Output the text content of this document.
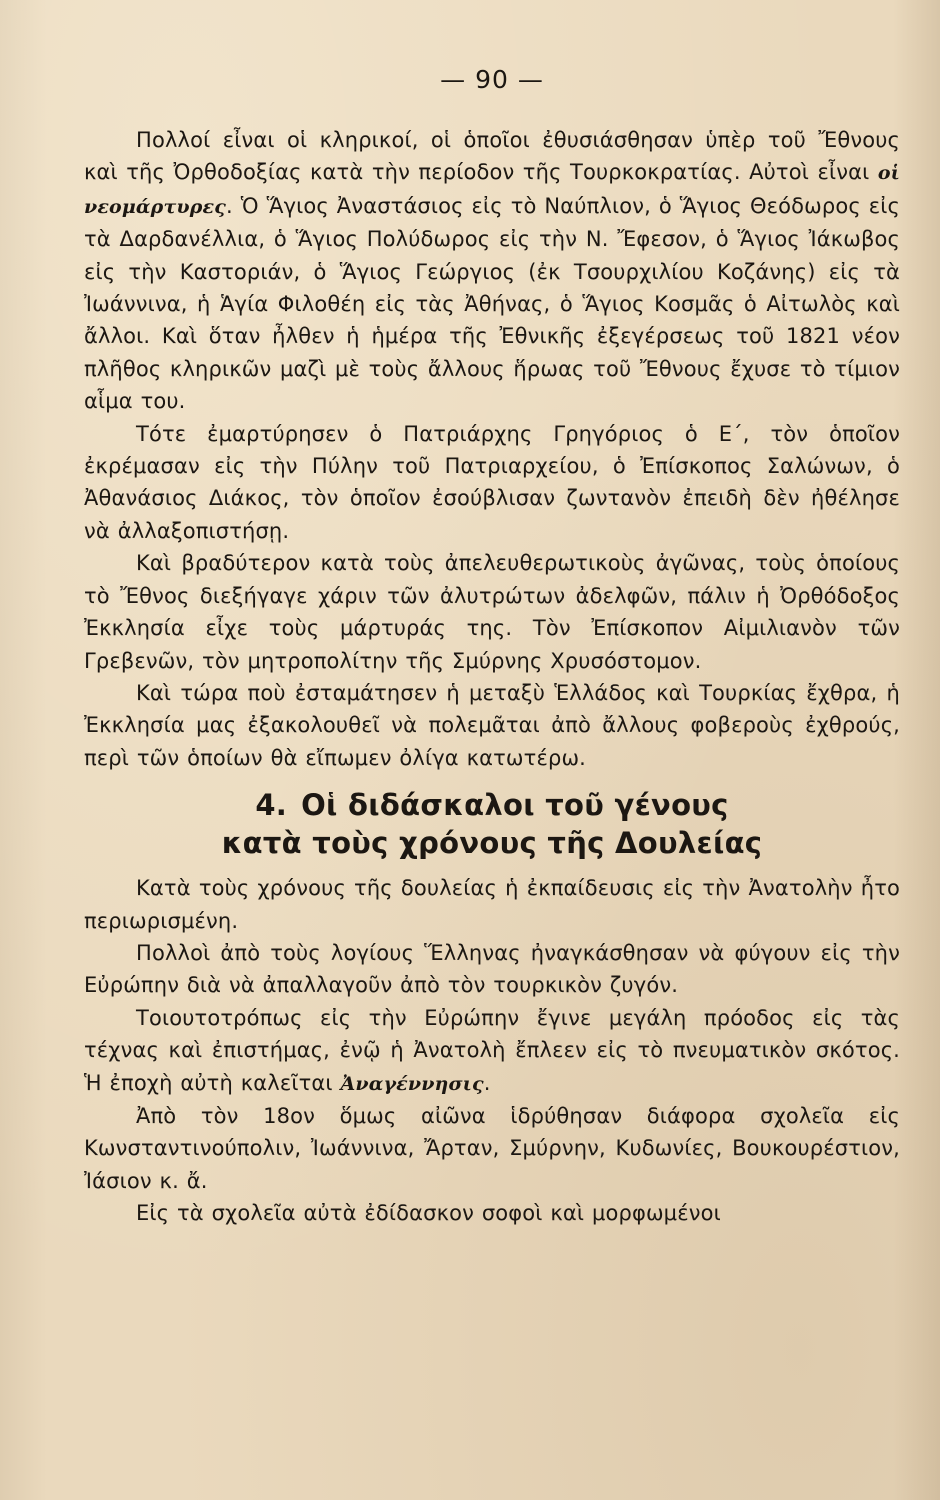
— 90 —

Πολλοί εἶναι οἱ κληρικοί, οἱ ὁποῖοι ἐθυσιάσθησαν ὑπὲρ τοῦ Ἔθνους καὶ τῆς Ὀρθοδοξίας κατὰ τὴν περίοδον τῆς Τουρκοκρατίας. Αὐτοὶ εἶναι οἱ νεομάρτυρες. Ὁ Ἅγιος Ἀναστάσιος εἰς τὸ Ναύπλιον, ὁ Ἅγιος Θεόδωρος εἰς τὰ Δαρδανέλλια, ὁ Ἅγιος Πολύδωρος εἰς τὴν Ν. Ἔφεσον, ὁ Ἅγιος Ἰάκωβος εἰς τὴν Καστοριάν, ὁ Ἅγιος Γεώργιος (ἐκ Τσουρχιλίου Κοζάνης) εἰς τὰ Ἰωάννινα, ἡ Ἁγία Φιλοθέη εἰς τὰς Ἀθήνας, ὁ Ἅγιος Κοσμᾶς ὁ Αἰτωλὸς καὶ ἄλλοι. Καὶ ὅταν ἦλθεν ἡ ἡμέρα τῆς Ἐθνικῆς ἐξεγέρσεως τοῦ 1821 νέον πλῆθος κληρικῶν μαζὶ μὲ τοὺς ἄλλους ἥρωας τοῦ Ἔθνους ἔχυσε τὸ τίμιον αἷμα του.

Τότε ἐμαρτύρησεν ὁ Πατριάρχης Γρηγόριος ὁ Ε΄, τὸν ὁποῖον ἐκρέμασαν εἰς τὴν Πύλην τοῦ Πατριαρχείου, ὁ Ἐπίσκοπος Σαλώνων, ὁ Ἀθανάσιος Διάκος, τὸν ὁποῖον ἐσούβλισαν ζωντανὸν ἐπειδὴ δὲν ἠθέλησε νὰ ἀλλαξοπιστήσῃ.

Καὶ βραδύτερον κατὰ τοὺς ἀπελευθερωτικοὺς ἀγῶνας, τοὺς ὁποίους τὸ Ἔθνος διεξήγαγε χάριν τῶν ἀλυτρώτων ἀδελφῶν, πάλιν ἡ Ὀρθόδοξος Ἐκκλησία εἶχε τοὺς μάρτυράς της. Τὸν Ἐπίσκοπον Αἰμιλιανὸν τῶν Γρεβενῶν, τὸν μητροπολίτην τῆς Σμύρνης Χρυσόστομον.

Καὶ τώρα ποὺ ἐσταμάτησεν ἡ μεταξὺ Ἑλλάδος καὶ Τουρκίας ἔχθρα, ἡ Ἐκκλησία μας ἐξακολουθεῖ νὰ πολεμᾶται ἀπὸ ἄλλους φοβεροὺς ἐχθρούς, περὶ τῶν ὁποίων θὰ εἴπωμεν ὀλίγα κατωτέρω.

4. Οἱ διδάσκαλοι τοῦ γένους
κατὰ τοὺς χρόνους τῆς Δουλείας

Κατὰ τοὺς χρόνους τῆς δουλείας ἡ ἐκπαίδευσις εἰς τὴν Ἀνατολὴν ἦτο περιωρισμένη.

Πολλοὶ ἀπὸ τοὺς λογίους Ἕλληνας ἠναγκάσθησαν νὰ φύγουν εἰς τὴν Εὐρώπην διὰ νὰ ἀπαλλαγοῦν ἀπὸ τὸν τουρκικὸν ζυγόν.

Τοιουτοτρόπως εἰς τὴν Εὐρώπην ἔγινε μεγάλη πρόοδος εἰς τὰς τέχνας καὶ ἐπιστήμας, ἐνῷ ἡ Ἀνατολὴ ἔπλεεν εἰς τὸ πνευματικὸν σκότος. Ἡ ἐποχὴ αὐτὴ καλεῖται Ἀναγέννησις.

Ἀπὸ τὸν 18ον ὅμως αἰῶνα ἱδρύθησαν διάφορα σχολεῖα εἰς Κωνσταντινούπολιν, Ἰωάννινα, Ἄρταν, Σμύρνην, Κυδωνίες, Βουκουρέστιον, Ἰάσιον κ. ἄ.

Εἰς τὰ σχολεῖα αὐτὰ ἐδίδασκον σοφοὶ καὶ μορφωμένοι
